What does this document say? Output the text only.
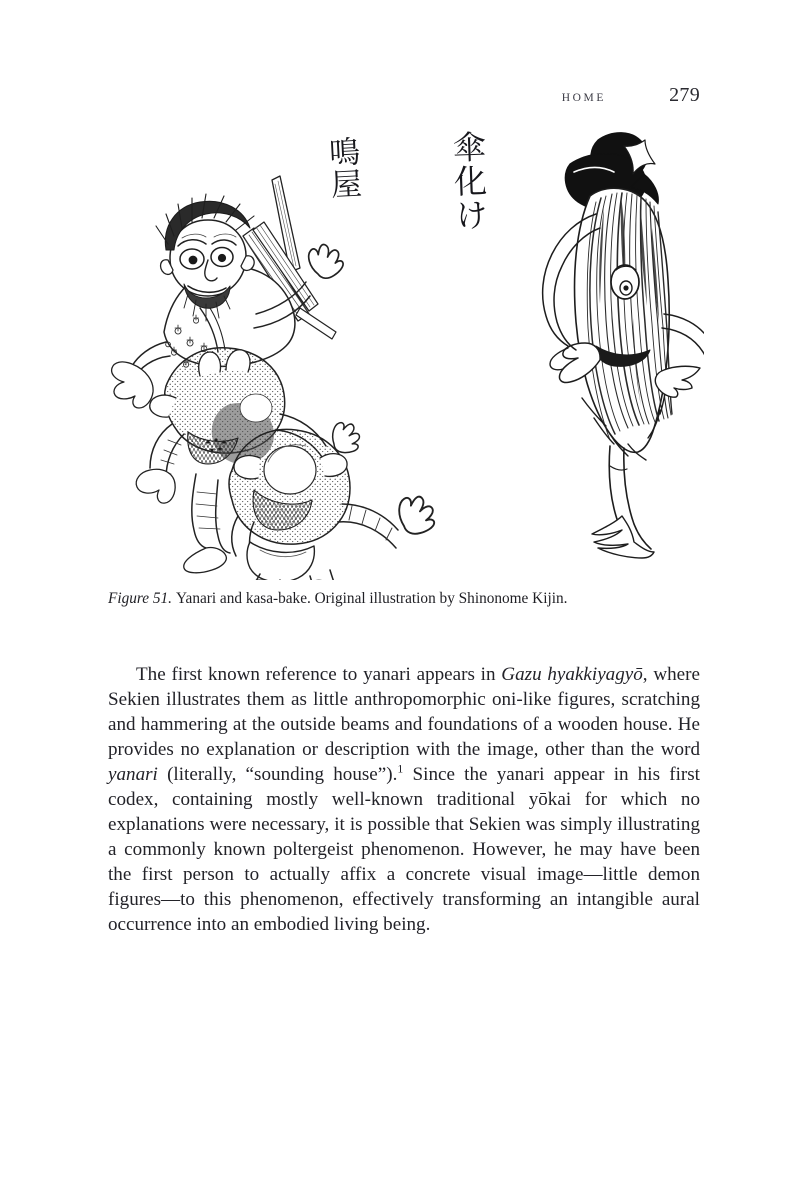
HOME	279
鳴屋	傘化け
Figure 51. Yanari and kasa-bake. Original illustration by Shinonome Kijin.

The first known reference to yanari appears in Gazu hyakkiyagyō, where Sekien illustrates them as little anthropomorphic oni-like figures, scratching and hammering at the outside beams and foundations of a wooden house. He provides no explanation or description with the image, other than the word yanari (literally, “sounding house”).$^1$ Since the yanari appear in his first codex, containing mostly well-known traditional yōkai for which no explanations were necessary, it is possible that Sekien was simply illustrating a commonly known poltergeist phenomenon. However, he may have been the first person to actually affix a concrete visual image—little demon figures—to this phenomenon, effectively transforming an intangible aural occurrence into an embodied living being.
